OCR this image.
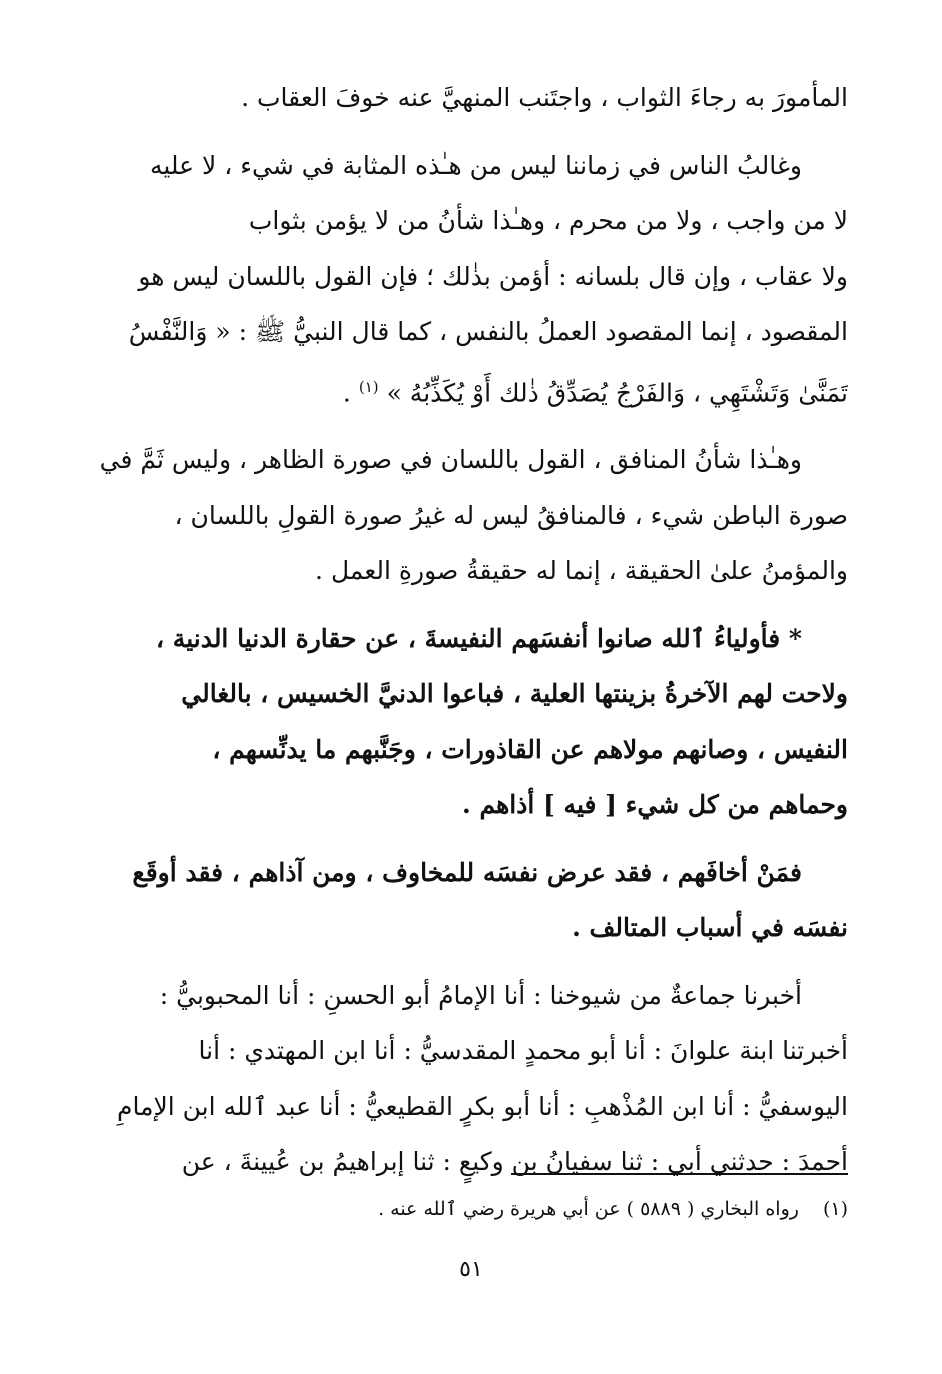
المأمورَ به رجاءَ الثواب ، واجتَنب المنهيَّ عنه خوفَ العقاب .

وغالبُ الناس في زماننا ليس من هـٰذه المثابة في شيء ، لا عليه
لا من واجب ، ولا من محرم ، وهـٰذا شأنُ من لا يؤمن بثواب
ولا عقاب ، وإن قال بلسانه : أؤمن بذٰلك ؛ فإن القول باللسان ليس هو
المقصود ، إنما المقصود العملُ بالنفس ، كما قال النبيُّ ﷺ : « وَالنَّفْسُ
تَمَنَّىٰ وَتَشْتَهِي ، وَالفَرْجُ يُصَدِّقُ ذٰلك أَوْ يُكَذِّبُهُ » $^{(١)}$ .

وهـٰذا شأنُ المنافق ، القول باللسان في صورة الظاهر ، وليس ثَمَّ في
صورة الباطن شيء ، فالمنافقُ ليس له غيرُ صورة القولِ باللسان ،
والمؤمنُ علىٰ الحقيقة ، إنما له حقيقةُ صورةِ العمل .

* فأولياءُ ٱلله صانوا أنفسَهم النفيسةَ ، عن حقارة الدنيا الدنية ،
ولاحت لهم الآخرةُ بزينتها العلية ، فباعوا الدنيَّ الخسيس ، بالغالي
النفيس ، وصانهم مولاهم عن القاذورات ، وجَنَّبهم ما يدنِّسهم ،
وحماهم من كل شيء [ فيه ] أذاهم .

فمَنْ أخافَهم ، فقد عرض نفسَه للمخاوف ، ومن آذاهم ، فقد أوقَع
نفسَه في أسباب المتالف .

أخبرنا جماعةٌ من شيوخنا : أنا الإمامُ أبو الحسنِ : أنا المحبوبيُّ :
أخبرتنا ابنة علوانَ : أنا أبو محمدٍ المقدسيُّ : أنا ابن المهتدي : أنا
اليوسفيُّ : أنا ابن المُذْهبِ : أنا أبو بكرٍ القطيعيُّ : أنا عبد ٱلله ابن الإمامِ
أحمدَ : حدثني أبي : ثنا سفيانُ بن وكيعٍ : ثنا إبراهيمُ بن عُيينةَ ، عن

(١)رواه البخاري ( ٥٨٨٩ ) عن أبي هريرة رضي ٱلله عنه .
٥١
